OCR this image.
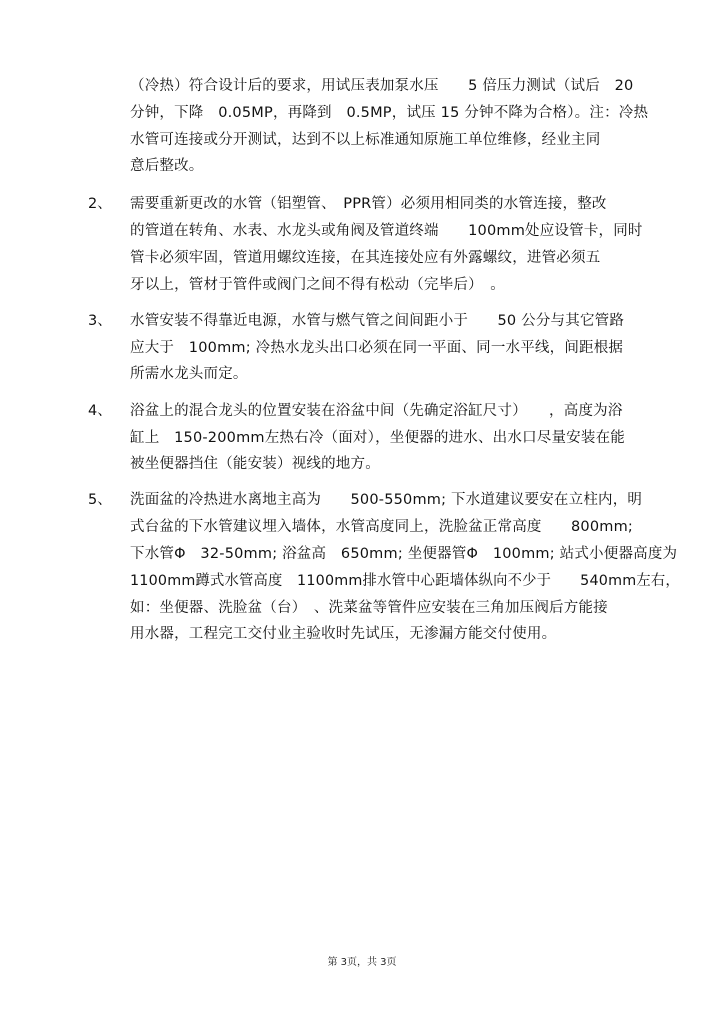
（冷热）符合设计后的要求，用试压表加泵水压　　5 倍压力测试（试后　20
分钟，下降　0.05MP，再降到　0.5MP，试压 15 分钟不降为合格）。注：冷热
水管可连接或分开测试，达到不以上标准通知原施工单位维修，经业主同
意后整改。
2、 需要重新更改的水管（铝塑管、　PPR管）必须用相同类的水管连接，整改
的管道在转角、水表、水龙头或角阀及管道终端　　100mm处应设管卡，同时
管卡必须牢固，管道用螺纹连接，在其连接处应有外露螺纹，进管必须五
牙以上，管材于管件或阀门之间不得有松动（完毕后）　。
3、 水管安装不得靠近电源，水管与燃气管之间间距小于　　50 公分与其它管路
应大于　100mm; 冷热水龙头出口必须在同一平面、同一水平线，间距根据
所需水龙头而定。
4、 浴盆上的混合龙头的位置安装在浴盆中间（先确定浴缸尺寸）　　，高度为浴
缸上　150-200mm左热右冷（面对），坐便器的进水、出水口尽量安装在能
被坐便器挡住（能安装）视线的地方。
5、 洗面盆的冷热进水离地主高为　　500-550mm; 下水道建议要安在立柱内，明
式台盆的下水管建议埋入墙体，水管高度同上，洗脸盆正常高度　　800mm;
下水管Φ　32-50mm; 浴盆高　650mm; 坐便器管Φ　100mm; 站式小便器高度为
1100mm蹲式水管高度　1100mm排水管中心距墙体纵向不少于　　540mm左右，
如：坐便器、洗脸盆（台）　、洗菜盆等管件应安装在三角加压阀后方能接
用水器，工程完工交付业主验收时先试压，无渗漏方能交付使用。
第 3页，共 3页
